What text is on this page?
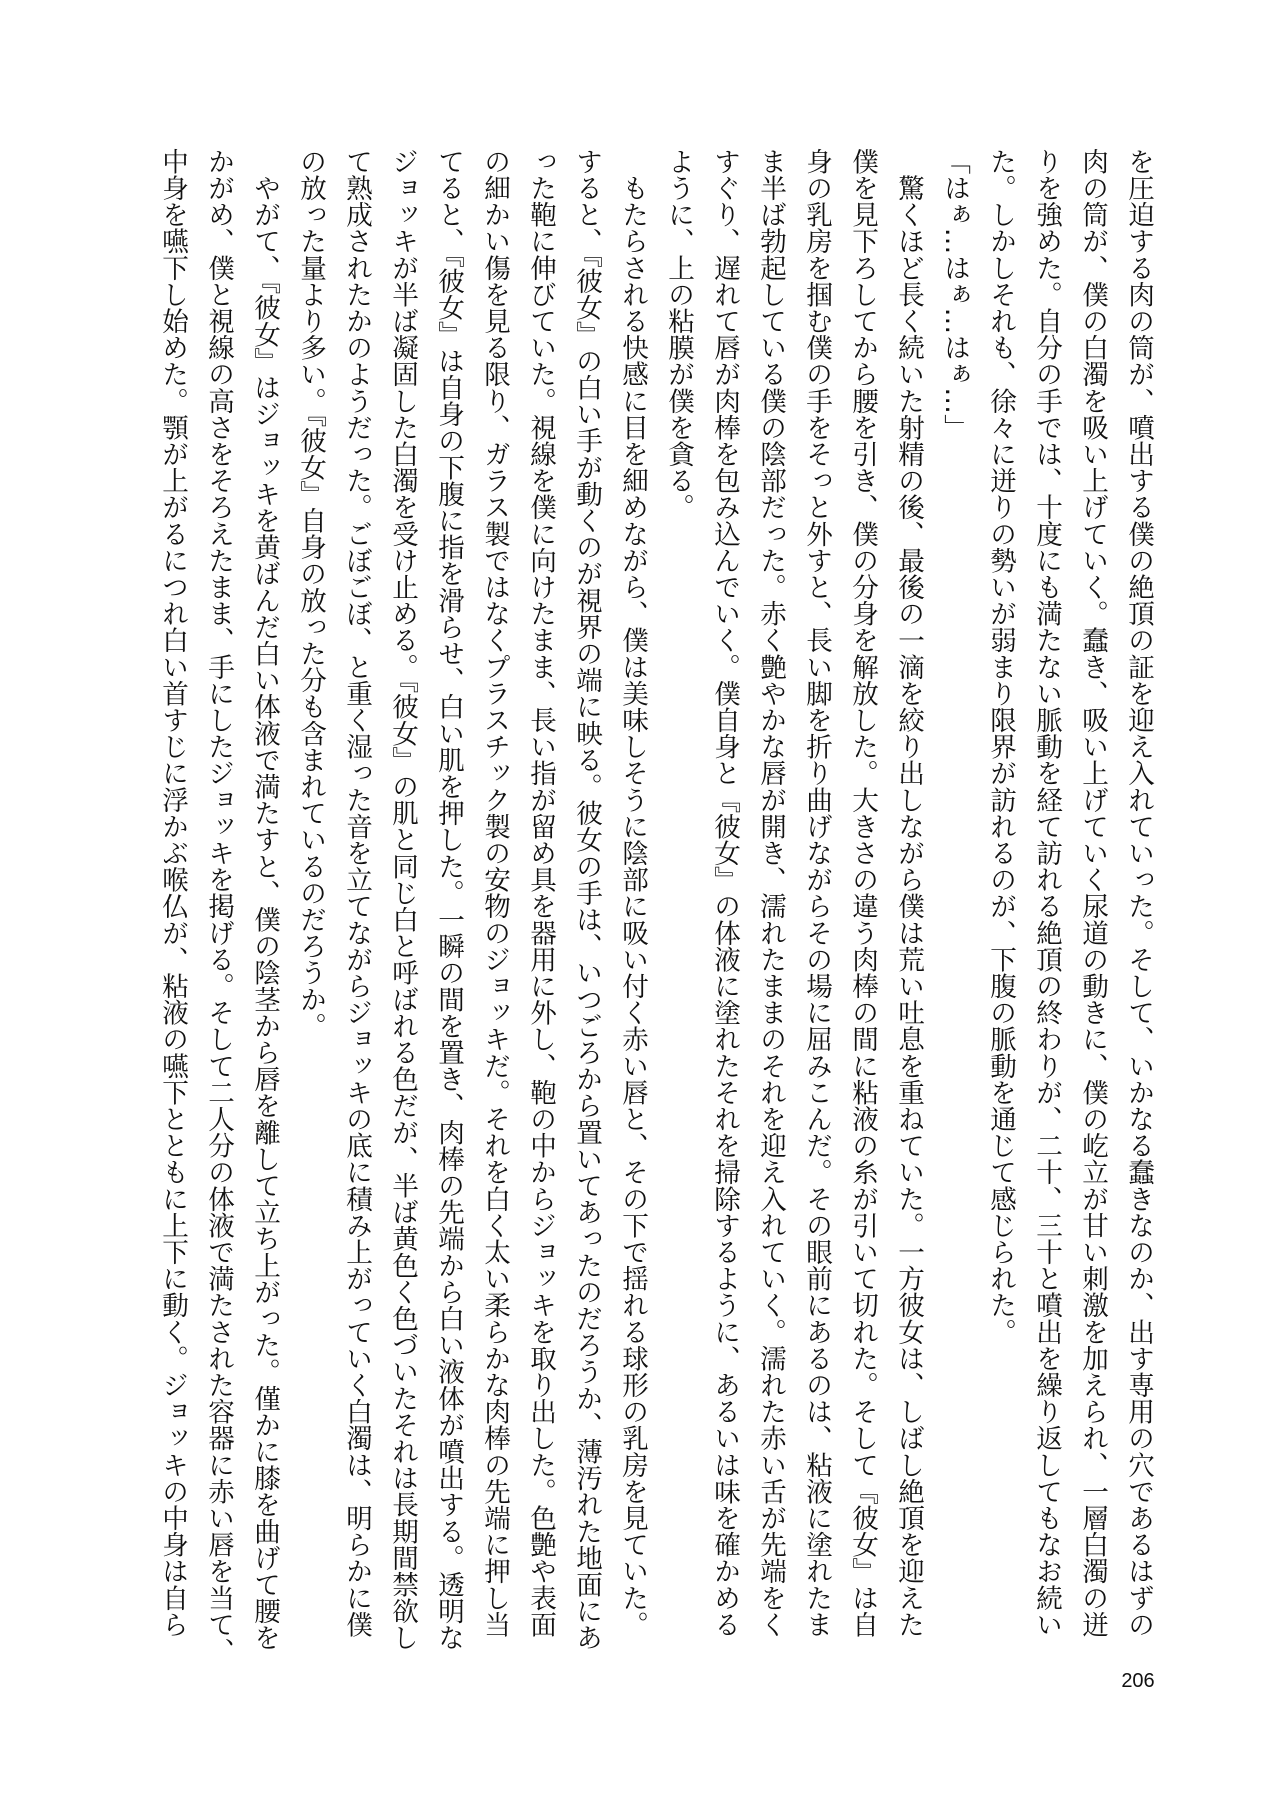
を圧迫する肉の筒が、噴出する僕の絶頂の証を迎え入れていった。そして、いかなる蠢きなのか、出す専用の穴であるはずの
肉の筒が、僕の白濁を吸い上げていく。蠢き、吸い上げていく尿道の動きに、僕の屹立が甘い刺激を加えられ、一層白濁の迸
りを強めた。自分の手では、十度にも満たない脈動を経て訪れる絶頂の終わりが、二十、三十と噴出を繰り返してもなお続い
た。しかしそれも、徐々に迸りの勢いが弱まり限界が訪れるのが、下腹の脈動を通じて感じられた。
「はぁ…はぁ…はぁ…」
　驚くほど長く続いた射精の後、最後の一滴を絞り出しながら僕は荒い吐息を重ねていた。一方彼女は、しばし絶頂を迎えた
僕を見下ろしてから腰を引き、僕の分身を解放した。大きさの違う肉棒の間に粘液の糸が引いて切れた。そして『彼女』は自
身の乳房を掴む僕の手をそっと外すと、長い脚を折り曲げながらその場に屈みこんだ。その眼前にあるのは、粘液に塗れたま
ま半ば勃起している僕の陰部だった。赤く艶やかな唇が開き、濡れたままのそれを迎え入れていく。濡れた赤い舌が先端をく
すぐり、遅れて唇が肉棒を包み込んでいく。僕自身と『彼女』の体液に塗れたそれを掃除するように、あるいは味を確かめる
ように、上の粘膜が僕を貪る。
　もたらされる快感に目を細めながら、僕は美味しそうに陰部に吸い付く赤い唇と、その下で揺れる球形の乳房を見ていた。
すると、『彼女』の白い手が動くのが視界の端に映る。彼女の手は、いつごろから置いてあったのだろうか、薄汚れた地面にあ
った鞄に伸びていた。視線を僕に向けたまま、長い指が留め具を器用に外し、鞄の中からジョッキを取り出した。色艶や表面
の細かい傷を見る限り、ガラス製ではなくプラスチック製の安物のジョッキだ。それを白く太い柔らかな肉棒の先端に押し当
てると、『彼女』は自身の下腹に指を滑らせ、白い肌を押した。一瞬の間を置き、肉棒の先端から白い液体が噴出する。透明な
ジョッキが半ば凝固した白濁を受け止める。『彼女』の肌と同じ白と呼ばれる色だが、半ば黄色く色づいたそれは長期間禁欲し
て熟成されたかのようだった。ごぼごぼ、と重く湿った音を立てながらジョッキの底に積み上がっていく白濁は、明らかに僕
の放った量より多い。『彼女』自身の放った分も含まれているのだろうか。
　やがて、『彼女』はジョッキを黄ばんだ白い体液で満たすと、僕の陰茎から唇を離して立ち上がった。僅かに膝を曲げて腰を
かがめ、僕と視線の高さをそろえたまま、手にしたジョッキを掲げる。そして二人分の体液で満たされた容器に赤い唇を当て、
中身を嚥下し始めた。顎が上がるにつれ白い首すじに浮かぶ喉仏が、粘液の嚥下とともに上下に動く。ジョッキの中身は自ら
206
